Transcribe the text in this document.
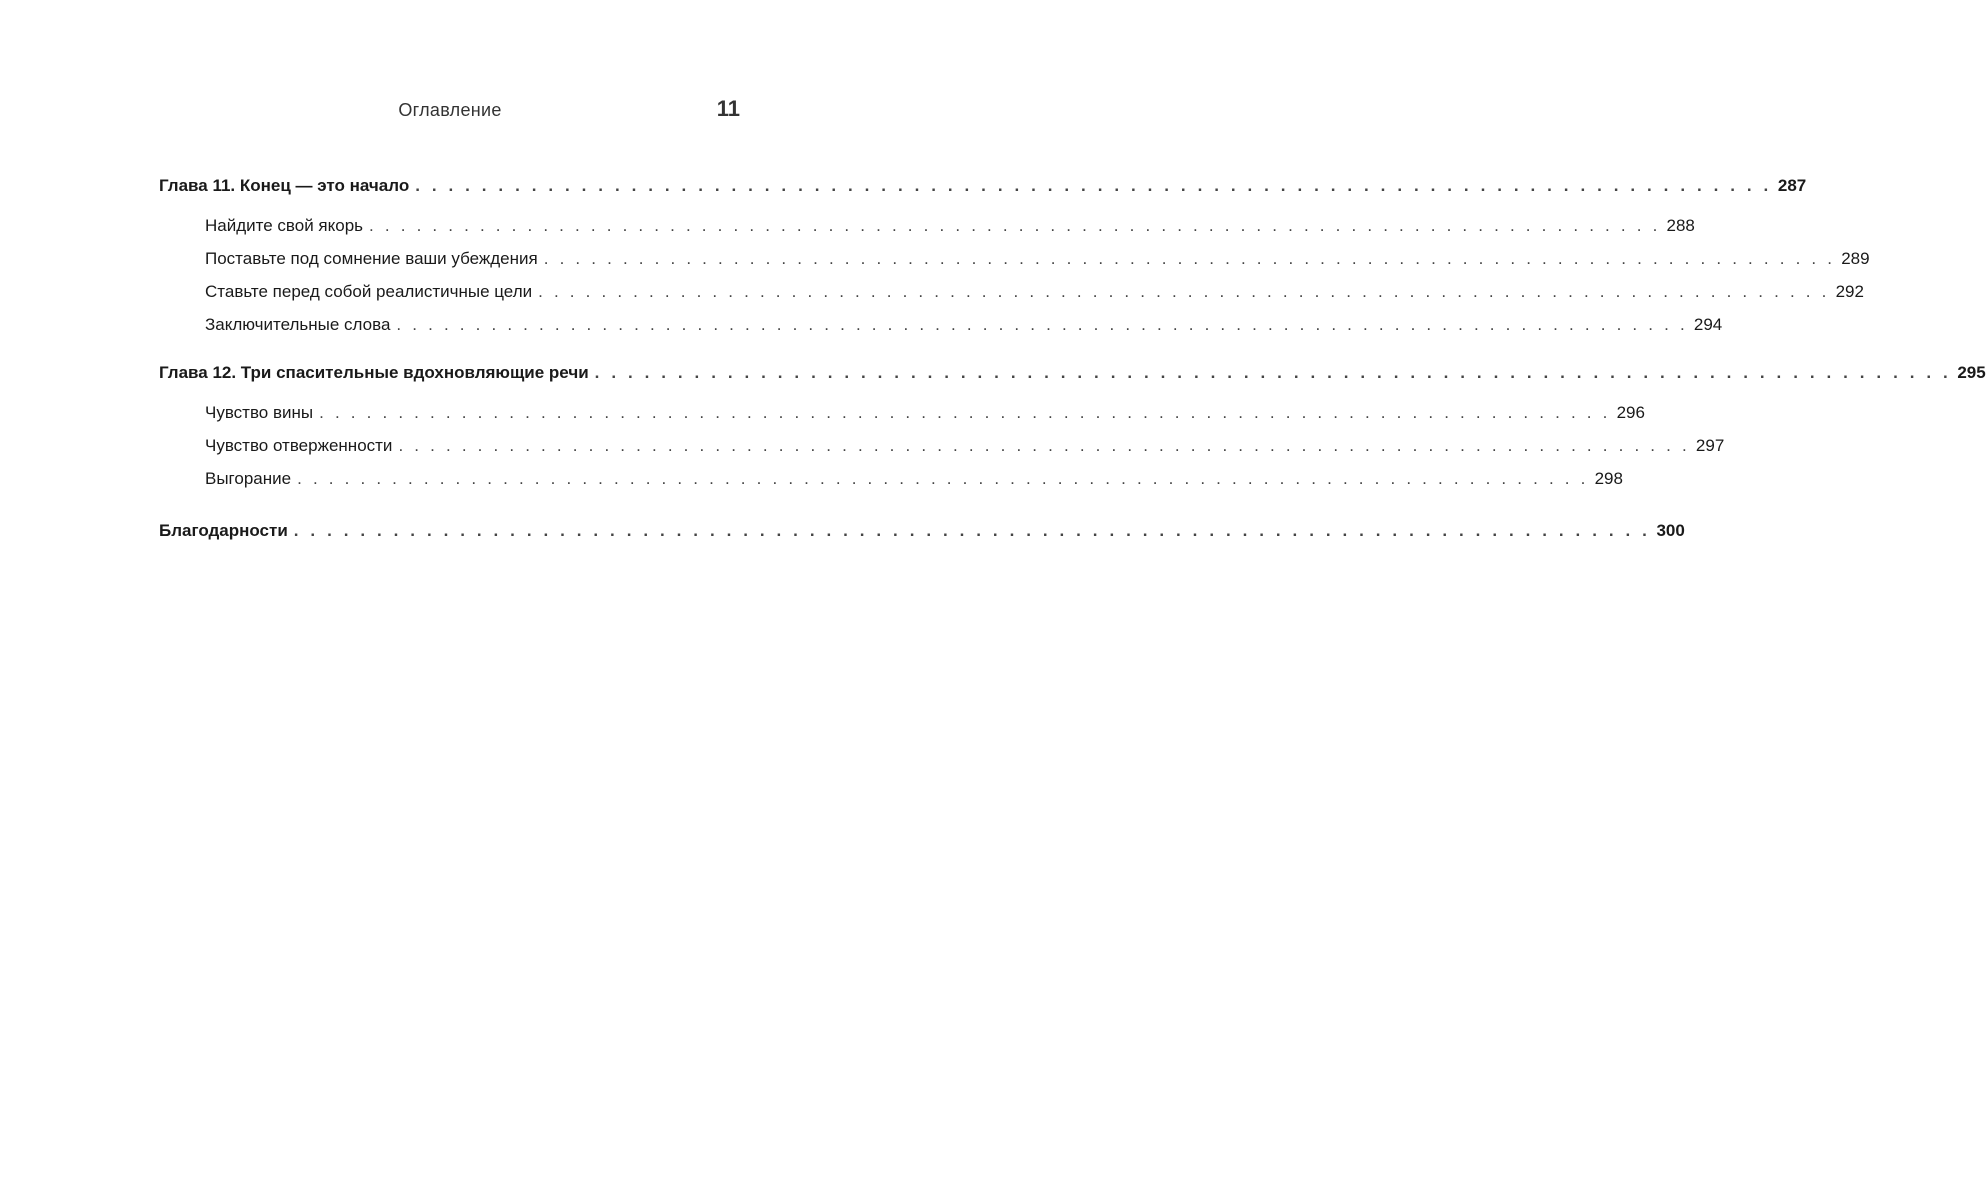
Оглавление	11
Глава 11. Конец — это начало . . . . . . . . . . . . . . . . . . . . . . . . . . . . . . . . . . . . . . . . . . . . . . . . . . . . . . . . . . . . . . . . . . . . . . . . . . . . . . . . . . 287
Найдите свой якорь . . . . . . . . . . . . . . . . . . . . . . . . . . . . . . . . . . . . . . . . . . . . . . . . . . . . . . . . . . . . . . . . . . . . . . . . . . . . . . . . . . 288
Поставьте под сомнение ваши убеждения . . . . . . . . . . . . . . . . . . . . . . . . . . . . . . . . . . . . . . . . . . . . . . . . . . . . . . . . . . . . . . . . . . . . . . . . . . . . . . . . . . 289
Ставьте перед собой реалистичные цели . . . . . . . . . . . . . . . . . . . . . . . . . . . . . . . . . . . . . . . . . . . . . . . . . . . . . . . . . . . . . . . . . . . . . . . . . . . . . . . . . . 292
Заключительные слова . . . . . . . . . . . . . . . . . . . . . . . . . . . . . . . . . . . . . . . . . . . . . . . . . . . . . . . . . . . . . . . . . . . . . . . . . . . . . . . . . . 294
Глава 12. Три спасительные вдохновляющие речи . . . . . . . . . . . . . . . . . . . . . . . . . . . . . . . . . . . . . . . . . . . . . . . . . . . . . . . . . . . . . . . . . . . . . . . . . . . . . . . . . . 295
Чувство вины . . . . . . . . . . . . . . . . . . . . . . . . . . . . . . . . . . . . . . . . . . . . . . . . . . . . . . . . . . . . . . . . . . . . . . . . . . . . . . . . . . 296
Чувство отверженности . . . . . . . . . . . . . . . . . . . . . . . . . . . . . . . . . . . . . . . . . . . . . . . . . . . . . . . . . . . . . . . . . . . . . . . . . . . . . . . . . . 297
Выгорание . . . . . . . . . . . . . . . . . . . . . . . . . . . . . . . . . . . . . . . . . . . . . . . . . . . . . . . . . . . . . . . . . . . . . . . . . . . . . . . . . . 298
Благодарности . . . . . . . . . . . . . . . . . . . . . . . . . . . . . . . . . . . . . . . . . . . . . . . . . . . . . . . . . . . . . . . . . . . . . . . . . . . . . . . . . . 300
